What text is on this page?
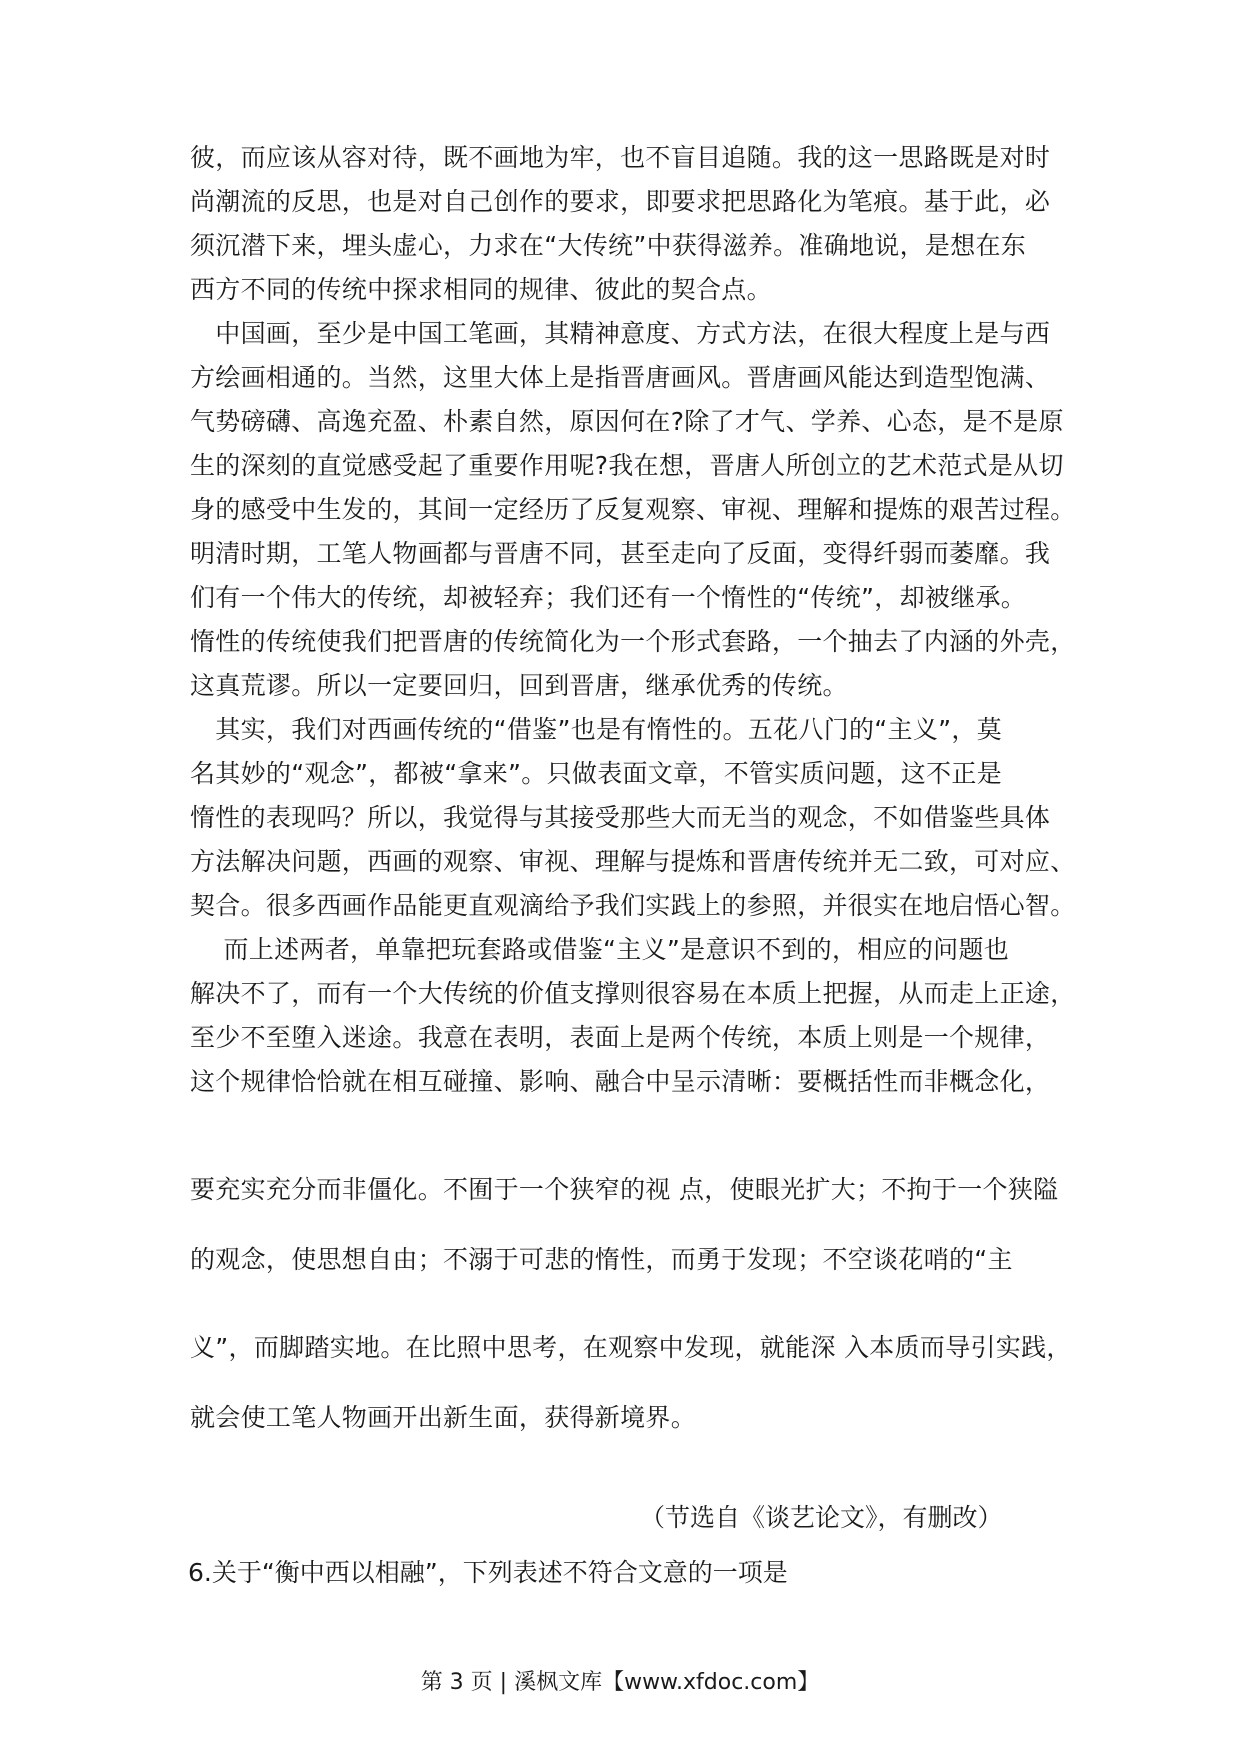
彼，而应该从容对待，既不画地为牢，也不盲目追随。我的这一思路既是对时
尚潮流的反思，也是对自己创作的要求，即要求把思路化为笔痕。基于此，必
须沉潜下来，埋头虚心，力求在“大传统”中获得滋养。准确地说，是想在东
西方不同的传统中探求相同的规律、彼此的契合点。
　中国画，至少是中国工笔画，其精神意度、方式方法，在很大程度上是与西
方绘画相通的。当然，这里大体上是指晋唐画风。晋唐画风能达到造型饱满、
气势磅礴、高逸充盈、朴素自然，原因何在?除了才气、学养、心态，是不是原
生的深刻的直觉感受起了重要作用呢?我在想，晋唐人所创立的艺术范式是从切
身的感受中生发的，其间一定经历了反复观察、审视、理解和提炼的艰苦过程。
明清时期，工笔人物画都与晋唐不同，甚至走向了反面，变得纤弱而萎靡。我
们有一个伟大的传统，却被轻弃；我们还有一个惰性的“传统”，却被继承。
惰性的传统使我们把晋唐的传统简化为一个形式套路，一个抽去了内涵的外壳，
这真荒谬。所以一定要回归，回到晋唐，继承优秀的传统。
　其实，我们对西画传统的“借鉴”也是有惰性的。五花八门的“主义”，莫
名其妙的“观念”，都被“拿来”。只做表面文章，不管实质问题，这不正是
惰性的表现吗？所以，我觉得与其接受那些大而无当的观念，不如借鉴些具体
方法解决问题，西画的观察、审视、理解与提炼和晋唐传统并无二致，可对应、
契合。很多西画作品能更直观滴给予我们实践上的参照，并很实在地启悟心智。
　 而上述两者，单靠把玩套路或借鉴“主义”是意识不到的，相应的问题也
解决不了，而有一个大传统的价值支撑则很容易在本质上把握，从而走上正途，
至少不至堕入迷途。我意在表明，表面上是两个传统，本质上则是一个规律，
这个规律恰恰就在相互碰撞、影响、融合中呈示清晰：要概括性而非概念化，
要充实充分而非僵化。不囿于一个狭窄的视 点，使眼光扩大；不拘于一个狭隘
的观念，使思想自由；不溺于可悲的惰性，而勇于发现；不空谈花哨的“主
义”，而脚踏实地。在比照中思考，在观察中发现，就能深 入本质而导引实践，
就会使工笔人物画开出新生面，获得新境界。
（节选自《谈艺论文》，有删改）
6.关于“衡中西以相融”，下列表述不符合文意的一项是
第 3 页 | 溪枫文库【www.xfdoc.com】
